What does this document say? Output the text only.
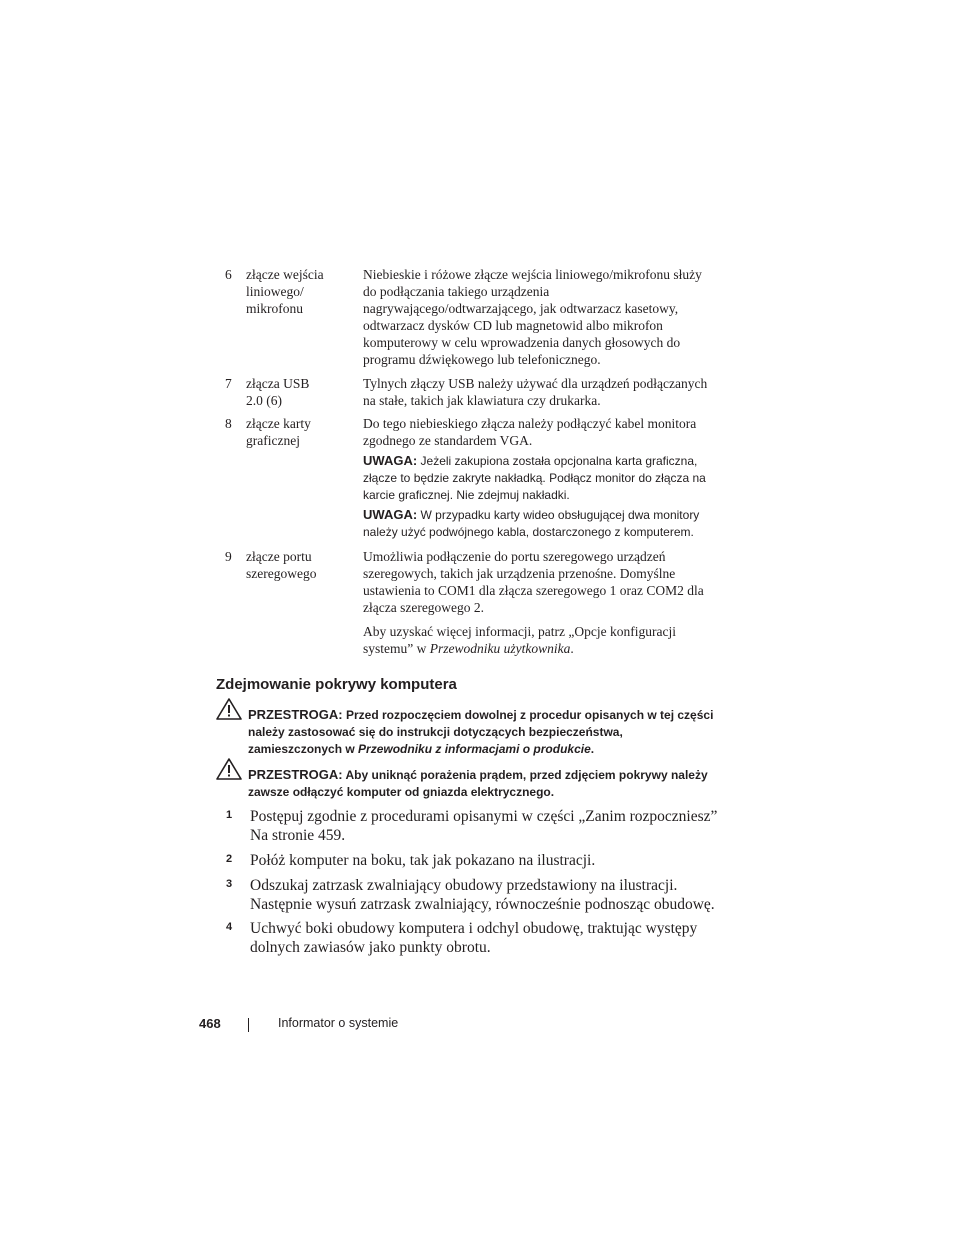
6	złącze wejścia liniowego/ mikrofonu
Niebieskie i różowe złącze wejścia liniowego/mikrofonu służy do podłączania takiego urządzenia nagrywającego/odtwarzającego, jak odtwarzacz kasetowy, odtwarzacz dysków CD lub magnetowid albo mikrofon komputerowy w celu wprowadzenia danych głosowych do programu dźwiękowego lub telefonicznego.
7	złącza USB 2.0 (6)
Tylnych złączy USB należy używać dla urządzeń podłączanych na stałe, takich jak klawiatura czy drukarka.
8	złącze karty graficznej
Do tego niebieskiego złącza należy podłączyć kabel monitora zgodnego ze standardem VGA.
UWAGA: Jeżeli zakupiona została opcjonalna karta graficzna, złącze to będzie zakryte nakładką. Podłącz monitor do złącza na karcie graficznej. Nie zdejmuj nakładki.
UWAGA: W przypadku karty wideo obsługującej dwa monitory należy użyć podwójnego kabla, dostarczonego z komputerem.
9	złącze portu szeregowego
Umożliwia podłączenie do portu szeregowego urządzeń szeregowych, takich jak urządzenia przenośne. Domyślne ustawienia to COM1 dla złącza szeregowego 1 oraz COM2 dla złącza szeregowego 2.
Aby uzyskać więcej informacji, patrz „Opcje konfiguracji systemu” w Przewodniku użytkownika.
Zdejmowanie pokrywy komputera
PRZESTROGA: Przed rozpoczęciem dowolnej z procedur opisanych w tej części należy zastosować się do instrukcji dotyczących bezpieczeństwa, zamieszczonych w Przewodniku z informacjami o produkcie.
PRZESTROGA: Aby uniknąć porażenia prądem, przed zdjęciem pokrywy należy zawsze odłączyć komputer od gniazda elektrycznego.
1 Postępuj zgodnie z procedurami opisanymi w części „Zanim rozpoczniesz” Na stronie 459.
2 Połóż komputer na boku, tak jak pokazano na ilustracji.
3 Odszukaj zatrzask zwalniający obudowy przedstawiony na ilustracji. Następnie wysuń zatrzask zwalniający, równocześnie podnosząc obudowę.
4 Uchwyć boki obudowy komputera i odchyl obudowę, traktując występy dolnych zawiasów jako punkty obrotu.
468	Informator o systemie
